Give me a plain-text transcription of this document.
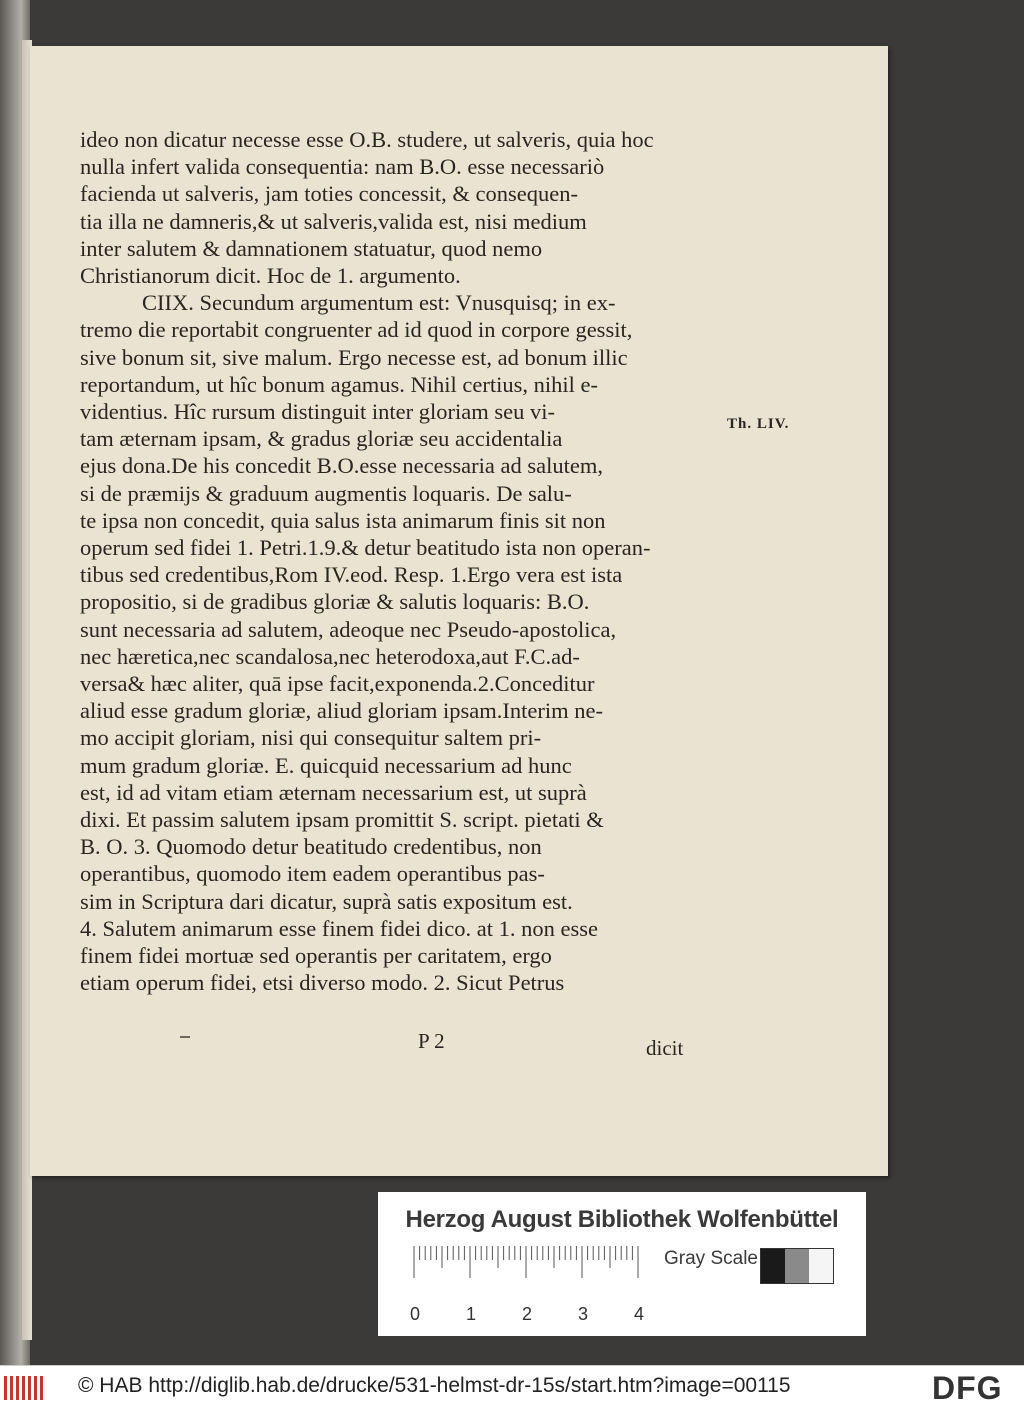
ideo non dicatur necesse esse O.B. studere, ut salveris, quia hoc

nulla infert valida consequentia: nam B.O. esse necessariò

facienda ut salveris, jam toties concessit, & consequen-

tia illa ne damneris,& ut salveris,valida est, nisi medium

inter salutem & damnationem statuatur, quod nemo

Christianorum dicit. Hoc de 1. argumento.

CIIX. Secundum argumentum est: Vnusquisq; in ex-

tremo die reportabit congruenter ad id quod in corpore gessit,

sive bonum sit, sive malum. Ergo necesse est, ad bonum illic

reportandum, ut hîc bonum agamus. Nihil certius, nihil e-

videntius. Hîc rursum distinguit inter gloriam seu vi-

tam æternam ipsam, & gradus gloriæ seu accidentalia

ejus dona.De his concedit B.O.esse necessaria ad salutem,

si de præmijs & graduum augmentis loquaris. De salu-

te ipsa non concedit, quia salus ista animarum finis sit non

operum sed fidei 1. Petri.1.9.& detur beatitudo ista non operan-

tibus sed credentibus,Rom IV.eod. Resp. 1.Ergo vera est ista

propositio, si de gradibus gloriæ & salutis loquaris: B.O.

sunt necessaria ad salutem, adeoque nec Pseudo-apostolica,

nec hæretica,nec scandalosa,nec heterodoxa,aut F.C.ad-

versa& hæc aliter, quā ipse facit,exponenda.2.Conceditur

aliud esse gradum gloriæ, aliud gloriam ipsam.Interim ne-

mo accipit gloriam, nisi qui consequitur saltem pri-

mum gradum gloriæ. E. quicquid necessarium ad hunc

est, id ad vitam etiam æternam necessarium est, ut suprà

dixi. Et passim salutem ipsam promittit S. script. pietati &

B. O. 3. Quomodo detur beatitudo credentibus, non

operantibus, quomodo item eadem operantibus pas-

sim in Scriptura dari dicatur, suprà satis expositum est.

4. Salutem animarum esse finem fidei dico. at 1. non esse

finem fidei mortuæ sed operantis per caritatem, ergo

etiam operum fidei, etsi diverso modo. 2. Sicut Petrus

Th. LIV.
P 2	dicit
Herzog August Bibliothek Wolfenbüttel
0	1	2	3	4
Gray Scale
© HAB http://diglib.hab.de/drucke/531-helmst-dr-15s/start.htm?image=00115	DFG
